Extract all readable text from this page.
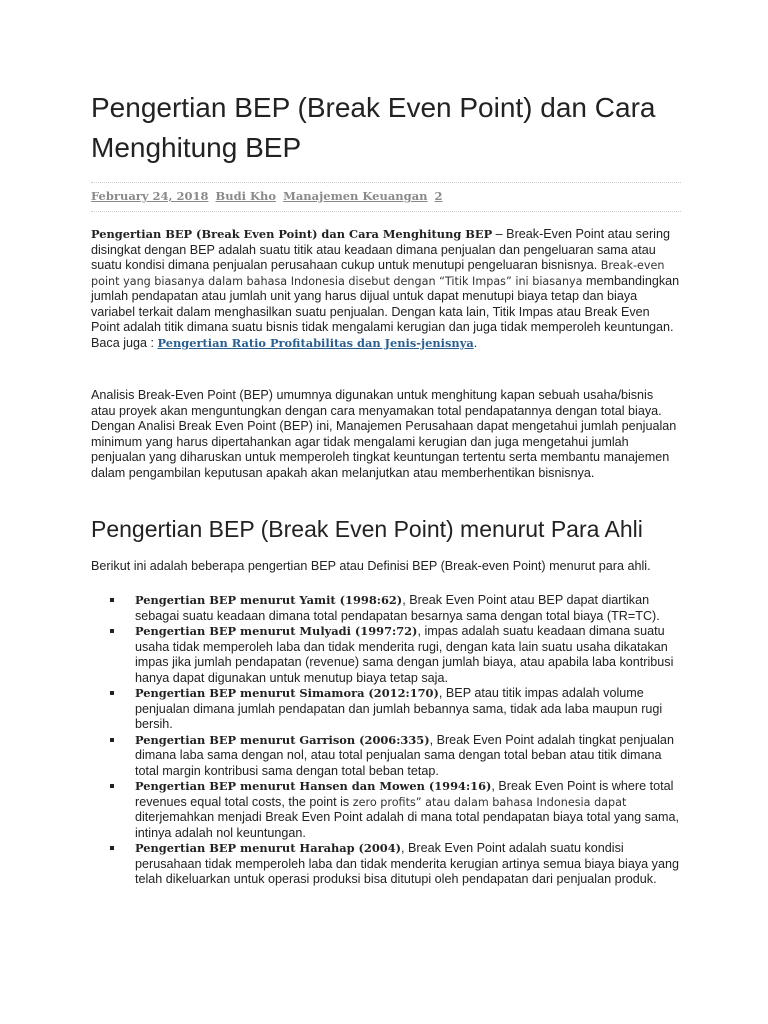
Pengertian BEP (Break Even Point) dan Cara Menghitung BEP
February 24, 2018 Budi Kho Manajemen Keuangan 2

Pengertian BEP (Break Even Point) dan Cara Menghitung BEP – Break-Even Point atau sering disingkat dengan BEP adalah suatu titik atau keadaan dimana penjualan dan pengeluaran sama atau suatu kondisi dimana penjualan perusahaan cukup untuk menutupi pengeluaran bisnisnya. Break-even point yang biasanya dalam bahasa Indonesia disebut dengan “Titik Impas” ini biasanya membandingkan jumlah pendapatan atau jumlah unit yang harus dijual untuk dapat menutupi biaya tetap dan biaya variabel terkait dalam menghasilkan suatu penjualan. Dengan kata lain, Titik Impas atau Break Even Point adalah titik dimana suatu bisnis tidak mengalami kerugian dan juga tidak memperoleh keuntungan.
Baca juga : Pengertian Ratio Profitabilitas dan Jenis-jenisnya.

Analisis Break-Even Point (BEP) umumnya digunakan untuk menghitung kapan sebuah usaha/bisnis atau proyek akan menguntungkan dengan cara menyamakan total pendapatannya dengan total biaya. Dengan Analisi Break Even Point (BEP) ini, Manajemen Perusahaan dapat mengetahui jumlah penjualan minimum yang harus dipertahankan agar tidak mengalami kerugian dan juga mengetahui jumlah penjualan yang diharuskan untuk memperoleh tingkat keuntungan tertentu serta membantu manajemen dalam pengambilan keputusan apakah akan melanjutkan atau memberhentikan bisnisnya.

Pengertian BEP (Break Even Point) menurut Para Ahli

Berikut ini adalah beberapa pengertian BEP atau Definisi BEP (Break-even Point) menurut para ahli.

Pengertian BEP menurut Yamit (1998:62), Break Even Point atau BEP dapat diartikan sebagai suatu keadaan dimana total pendapatan besarnya sama dengan total biaya (TR=TC).
Pengertian BEP menurut Mulyadi (1997:72), impas adalah suatu keadaan dimana suatu usaha tidak memperoleh laba dan tidak menderita rugi, dengan kata lain suatu usaha dikatakan impas jika jumlah pendapatan (revenue) sama dengan jumlah biaya, atau apabila laba kontribusi hanya dapat digunakan untuk menutup biaya tetap saja.
Pengertian BEP menurut Simamora (2012:170), BEP atau titik impas adalah volume penjualan dimana jumlah pendapatan dan jumlah bebannya sama, tidak ada laba maupun rugi bersih.
Pengertian BEP menurut Garrison (2006:335), Break Even Point adalah tingkat penjualan dimana laba sama dengan nol, atau total penjualan sama dengan total beban atau titik dimana total margin kontribusi sama dengan total beban tetap.
Pengertian BEP menurut Hansen dan Mowen (1994:16), Break Even Point is where total revenues equal total costs, the point is zero profits” atau dalam bahasa Indonesia dapat diterjemahkan menjadi Break Even Point adalah di mana total pendapatan biaya total yang sama, intinya adalah nol keuntungan.
Pengertian BEP menurut Harahap (2004), Break Even Point adalah suatu kondisi perusahaan tidak memperoleh laba dan tidak menderita kerugian artinya semua biaya biaya yang telah dikeluarkan untuk operasi produksi bisa ditutupi oleh pendapatan dari penjualan produk.
